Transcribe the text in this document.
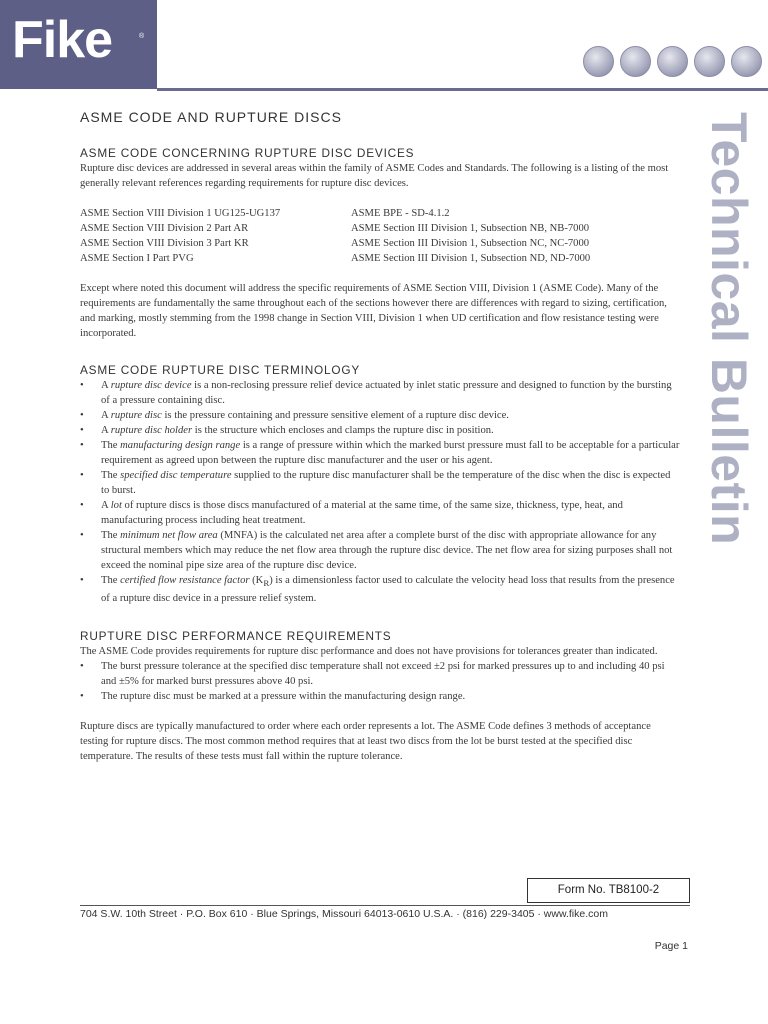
Fike	®
Technical Bulletin
ASME CODE AND RUPTURE DISCS
ASME CODE CONCERNING RUPTURE DISC DEVICES

Rupture disc devices are addressed in several areas within the family of ASME Codes and Standards. The following is a listing of the most generally relevant references regarding requirements for rupture disc devices.

ASME Section VIII Division 1 UG125-UG137
ASME Section VIII Division 2 Part AR
ASME Section VIII Division 3 Part KR
ASME Section I Part PVG
ASME BPE - SD-4.1.2
ASME Section III Division 1, Subsection NB, NB-7000
ASME Section III Division 1, Subsection NC, NC-7000
ASME Section III Division 1, Subsection ND, ND-7000

Except where noted this document will address the specific requirements of ASME Section VIII, Division 1 (ASME Code). Many of the requirements are fundamentally the same throughout each of the sections however there are differences with regard to sizing, certification, and marking, mostly stemming from the 1998 change in Section VIII, Division 1 when UD certification and flow resistance testing were incorporated.

ASME CODE RUPTURE DISC TERMINOLOGY
• A rupture disc device is a non-reclosing pressure relief device actuated by inlet static pressure and designed to function by the bursting of a pressure containing disc.
• A rupture disc is the pressure containing and pressure sensitive element of a rupture disc device.
• A rupture disc holder is the structure which encloses and clamps the rupture disc in position.
• The manufacturing design range is a range of pressure within which the marked burst pressure must fall to be acceptable for a particular requirement as agreed upon between the rupture disc manufacturer and the user or his agent.
• The specified disc temperature supplied to the rupture disc manufacturer shall be the temperature of the disc when the disc is expected to burst.
• A lot of rupture discs is those discs manufactured of a material at the same time, of the same size, thickness, type, heat, and manufacturing process including heat treatment.
• The minimum net flow area (MNFA) is the calculated net area after a complete burst of the disc with appropriate allowance for any structural members which may reduce the net flow area through the rupture disc device. The net flow area for sizing purposes shall not exceed the nominal pipe size area of the rupture disc device.
• The certified flow resistance factor $(K_R)$ is a dimensionless factor used to calculate the velocity head loss that results from the presence of a rupture disc device in a pressure relief system.
RUPTURE DISC PERFORMANCE REQUIREMENTS

The ASME Code provides requirements for rupture disc performance and does not have provisions for tolerances greater than indicated.

• The burst pressure tolerance at the specified disc temperature shall not exceed ±2 psi for marked pressures up to and including 40 psi and ±5% for marked burst pressures above 40 psi.
• The rupture disc must be marked at a pressure within the manufacturing design range.

Rupture discs are typically manufactured to order where each order represents a lot. The ASME Code defines 3 methods of acceptance testing for rupture discs. The most common method requires that at least two discs from the lot be burst tested at the specified disc temperature. The results of these tests must fall within the rupture tolerance.

Form No. TB8100-2
704 S.W. 10th Street · P.O. Box 610 · Blue Springs, Missouri 64013-0610 U.S.A. · (816) 229-3405 · www.fike.com
Page 1
